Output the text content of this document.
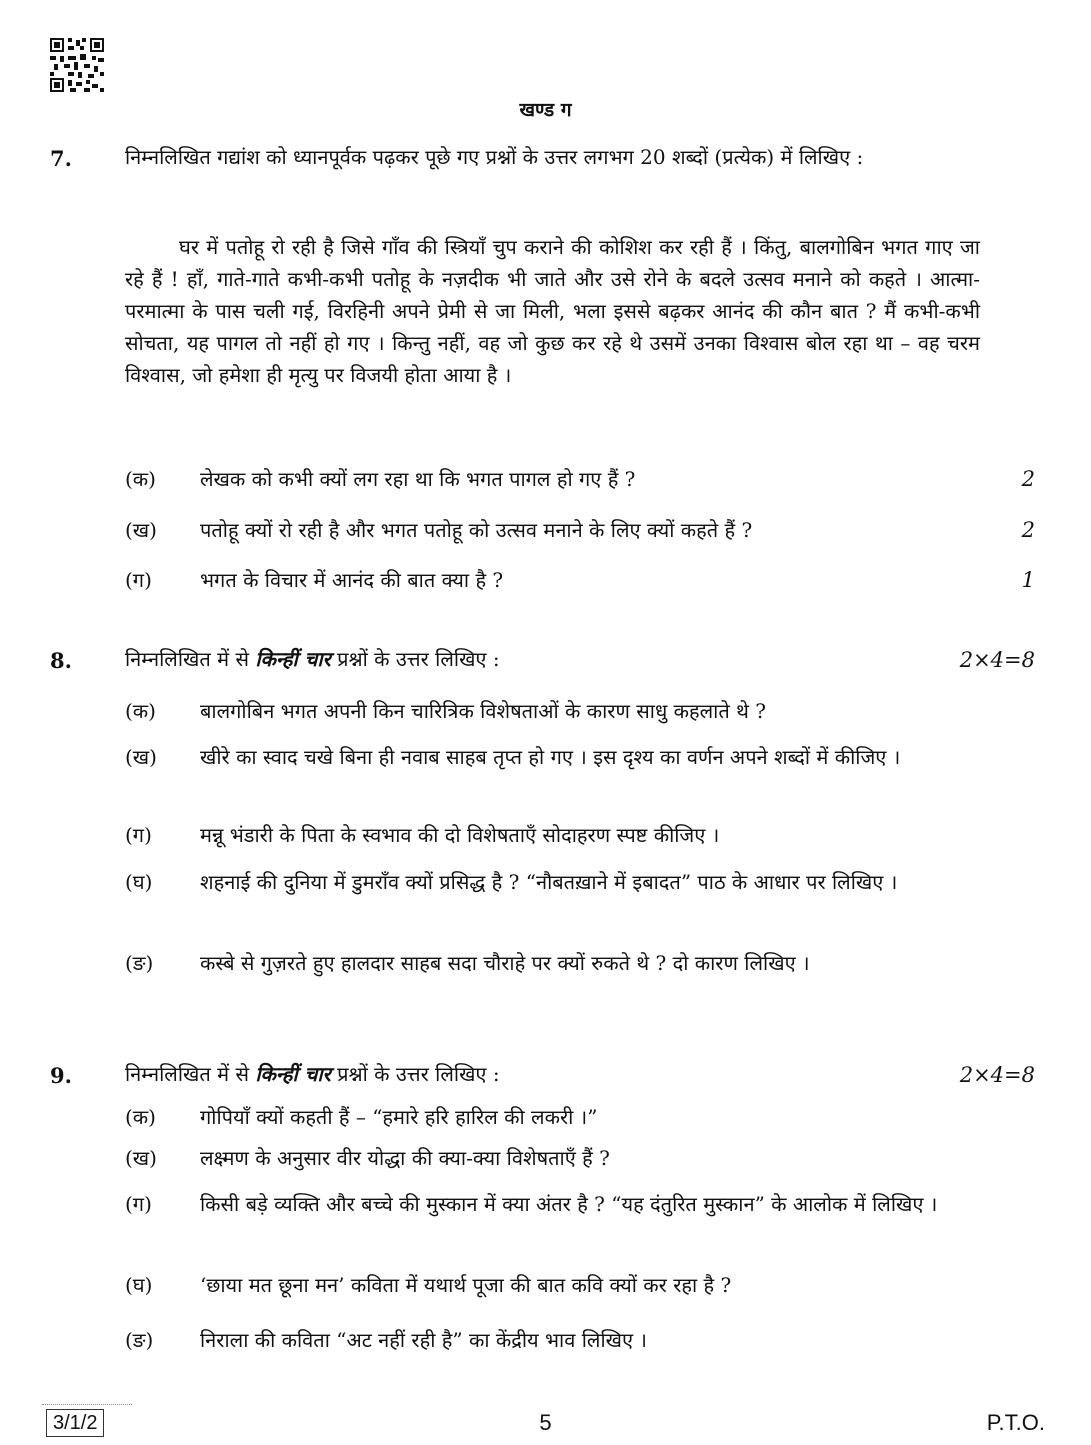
खण्ड ग
7.	निम्नलिखित गद्यांश को ध्यानपूर्वक पढ़कर पूछे गए प्रश्नों के उत्तर लगभग 20 शब्दों (प्रत्येक) में लिखिए :
घर में पतोहू रो रही है जिसे गाँव की स्त्रियाँ चुप कराने की कोशिश कर रही हैं । किंतु, बालगोबिन भगत गाए जा रहे हैं ! हाँ, गाते-गाते कभी-कभी पतोहू के नज़दीक भी जाते और उसे रोने के बदले उत्सव मनाने को कहते । आत्मा-परमात्मा के पास चली गई, विरहिनी अपने प्रेमी से जा मिली, भला इससे बढ़कर आनंद की कौन बात ? मैं कभी-कभी सोचता, यह पागल तो नहीं हो गए । किन्तु नहीं, वह जो कुछ कर रहे थे उसमें उनका विश्वास बोल रहा था – वह चरम विश्वास, जो हमेशा ही मृत्यु पर विजयी होता आया है ।
(क) लेखक को कभी क्यों लग रहा था कि भगत पागल हो गए हैं ?	2
(ख) पतोहू क्यों रो रही है और भगत पतोहू को उत्सव मनाने के लिए क्यों कहते हैं ?	2
(ग) भगत के विचार में आनंद की बात क्या है ?	1
8.	निम्नलिखित में से किन्हीं चार प्रश्नों के उत्तर लिखिए :	2×4=8
(क) बालगोबिन भगत अपनी किन चारित्रिक विशेषताओं के कारण साधु कहलाते थे ?
(ख) खीरे का स्वाद चखे बिना ही नवाब साहब तृप्त हो गए । इस दृश्य का वर्णन अपने शब्दों में कीजिए ।
(ग) मन्नू भंडारी के पिता के स्वभाव की दो विशेषताएँ सोदाहरण स्पष्ट कीजिए ।
(घ) शहनाई की दुनिया में डुमराँव क्यों प्रसिद्ध है ? “नौबतख़ाने में इबादत” पाठ के आधार पर लिखिए ।
(ङ) कस्बे से गुज़रते हुए हालदार साहब सदा चौराहे पर क्यों रुकते थे ? दो कारण लिखिए ।
9.	निम्नलिखित में से किन्हीं चार प्रश्नों के उत्तर लिखिए :	2×4=8
(क) गोपियाँ क्यों कहती हैं – “हमारे हरि हारिल की लकरी ।”
(ख) लक्ष्मण के अनुसार वीर योद्धा की क्या-क्या विशेषताएँ हैं ?
(ग) किसी बड़े व्यक्ति और बच्चे की मुस्कान में क्या अंतर है ? “यह दंतुरित मुस्कान” के आलोक में लिखिए ।
(घ) ‘छाया मत छूना मन’ कविता में यथार्थ पूजा की बात कवि क्यों कर रहा है ?
(ङ) निराला की कविता “अट नहीं रही है” का केंद्रीय भाव लिखिए ।
3/1/2	5	P.T.O.
